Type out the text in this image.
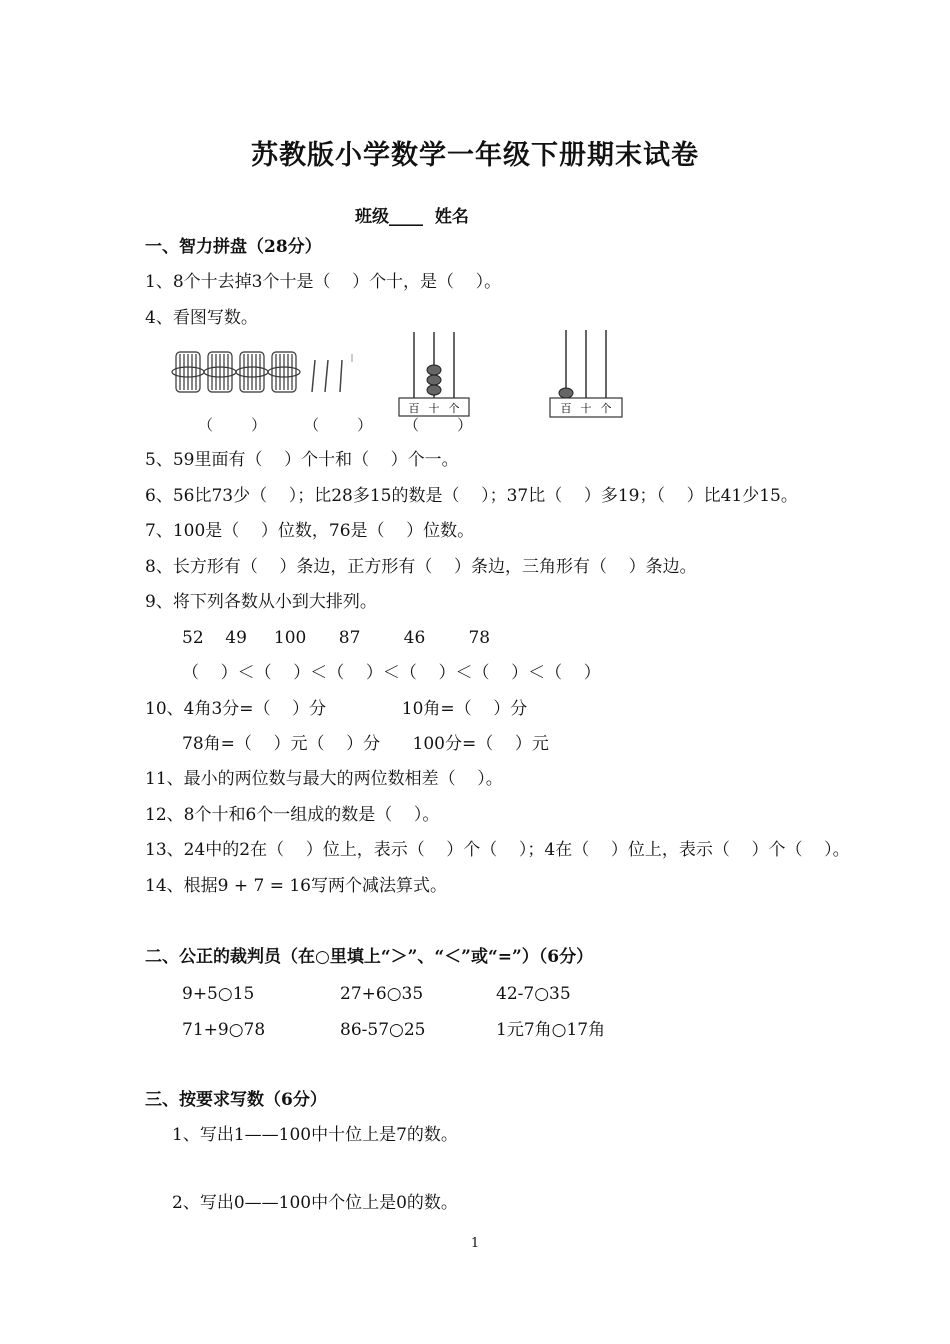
苏教版小学数学一年级下册期末试卷
班级____  姓名
一、智力拼盘（28分）
1、8个十去掉3个十是（    ）个十，是（    ）。
4、看图写数。
百 十 个	百 十 个
（        ）	（        ） （        ）
5、59里面有（    ）个十和（    ）个一。
6、56比73少（    ）；比28多15的数是（    ）；37比（    ）多19；（    ）比41少15。
7、100是（    ）位数，76是（    ）位数。
8、长方形有（    ）条边，正方形有（    ）条边，三角形有（    ）条边。
9、将下列各数从小到大排列。
52    49     100      87        46        78
（    ）＜（    ）＜（    ）＜（    ）＜（    ）＜（    ）
10、4角3分=（    ）分              10角=（    ）分
78角=（    ）元（    ）分      100分=（    ）元
11、最小的两位数与最大的两位数相差（    ）。
12、8个十和6个一组成的数是（    ）。
13、24中的2在（    ）位上，表示（    ）个（    ）；4在（    ）位上，表示（    ）个（    ）。
14、根据9 + 7 = 16写两个减法算式。
二、公正的裁判员（在○里填上“＞”、“＜”或“=”）（6分）
9+5○15	27+6○35	42-7○35
71+9○78	86-57○25	1元7角○17角
三、按要求写数（6分）
1、写出1——100中十位上是7的数。
2、写出0——100中个位上是0的数。
1
